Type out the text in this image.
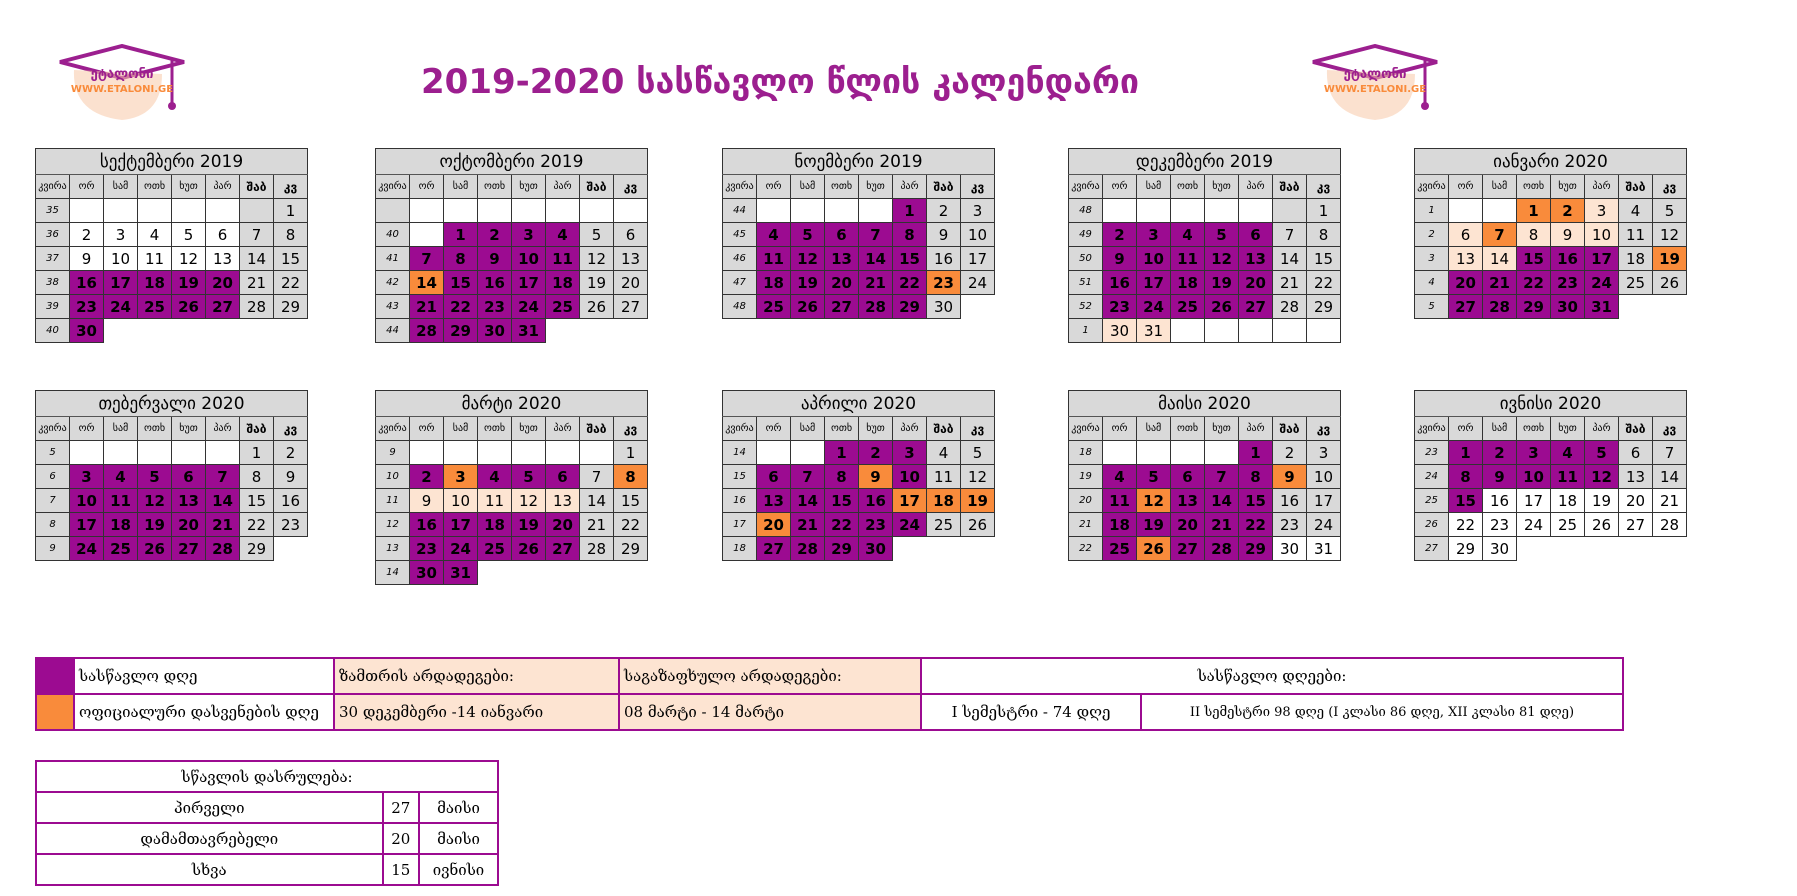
2019-2020 სასწავლო წლის კალენდარი
ეტალონი
WWW.ETALONI.GE
ეტალონი
WWW.ETALONI.GE
სექტემბერი 2019							
კვირა	ორ	სამ	ოთხ	ხუთ	პარ	შაბ	კვ
35							1
36	2	3	4	5	6	7	8
37	9	10	11	12	13	14	15
38	16	17	18	19	20	21	22
39	23	24	25	26	27	28	29
40	30						
ოქტომბერი 2019							
კვირა	ორ	სამ	ოთხ	ხუთ	პარ	შაბ	კვ

40		1	2	3	4	5	6
41	7	8	9	10	11	12	13
42	14	15	16	17	18	19	20
43	21	22	23	24	25	26	27
44	28	29	30	31			
ნოემბერი 2019							
კვირა	ორ	სამ	ოთხ	ხუთ	პარ	შაბ	კვ
44					1	2	3
45	4	5	6	7	8	9	10
46	11	12	13	14	15	16	17
47	18	19	20	21	22	23	24
48	25	26	27	28	29	30	
დეკემბერი 2019							
კვირა	ორ	სამ	ოთხ	ხუთ	პარ	შაბ	კვ
48							1
49	2	3	4	5	6	7	8
50	9	10	11	12	13	14	15
51	16	17	18	19	20	21	22
52	23	24	25	26	27	28	29
1	30	31					
იანვარი 2020							
კვირა	ორ	სამ	ოთხ	ხუთ	პარ	შაბ	კვ
1			1	2	3	4	5
2	6	7	8	9	10	11	12
3	13	14	15	16	17	18	19
4	20	21	22	23	24	25	26
5	27	28	29	30	31		
თებერვალი 2020							
კვირა	ორ	სამ	ოთხ	ხუთ	პარ	შაბ	კვ
5						1	2
6	3	4	5	6	7	8	9
7	10	11	12	13	14	15	16
8	17	18	19	20	21	22	23
9	24	25	26	27	28	29	
მარტი 2020							
კვირა	ორ	სამ	ოთხ	ხუთ	პარ	შაბ	კვ
9							1
10	2	3	4	5	6	7	8
11	9	10	11	12	13	14	15
12	16	17	18	19	20	21	22
13	23	24	25	26	27	28	29
14	30	31					
აპრილი 2020							
კვირა	ორ	სამ	ოთხ	ხუთ	პარ	შაბ	კვ
14			1	2	3	4	5
15	6	7	8	9	10	11	12
16	13	14	15	16	17	18	19
17	20	21	22	23	24	25	26
18	27	28	29	30			
მაისი 2020							
კვირა	ორ	სამ	ოთხ	ხუთ	პარ	შაბ	კვ
18					1	2	3
19	4	5	6	7	8	9	10
20	11	12	13	14	15	16	17
21	18	19	20	21	22	23	24
22	25	26	27	28	29	30	31
ივნისი 2020							
კვირა	ორ	სამ	ოთხ	ხუთ	პარ	შაბ	კვ
23	1	2	3	4	5	6	7
24	8	9	10	11	12	13	14
25	15	16	17	18	19	20	21
26	22	23	24	25	26	27	28
27	29	30					
	სასწავლო დღე	ზამთრის არდადეგები:	საგაზაფხულო არდადეგები:	სასწავლო დღეები:	
	ოფიციალური დასვენების დღე	30 დეკემბერი -14 იანვარი	08 მარტი - 14 მარტი	I სემესტრი - 74 დღე	II სემესტრი 98 დღე (I კლასი 86 დღე, XII კლასი 81 დღე)
სწავლის დასრულება:		
პირველი	27	მაისი
დამამთავრებელი	20	მაისი
სხვა	15	ივნისი
